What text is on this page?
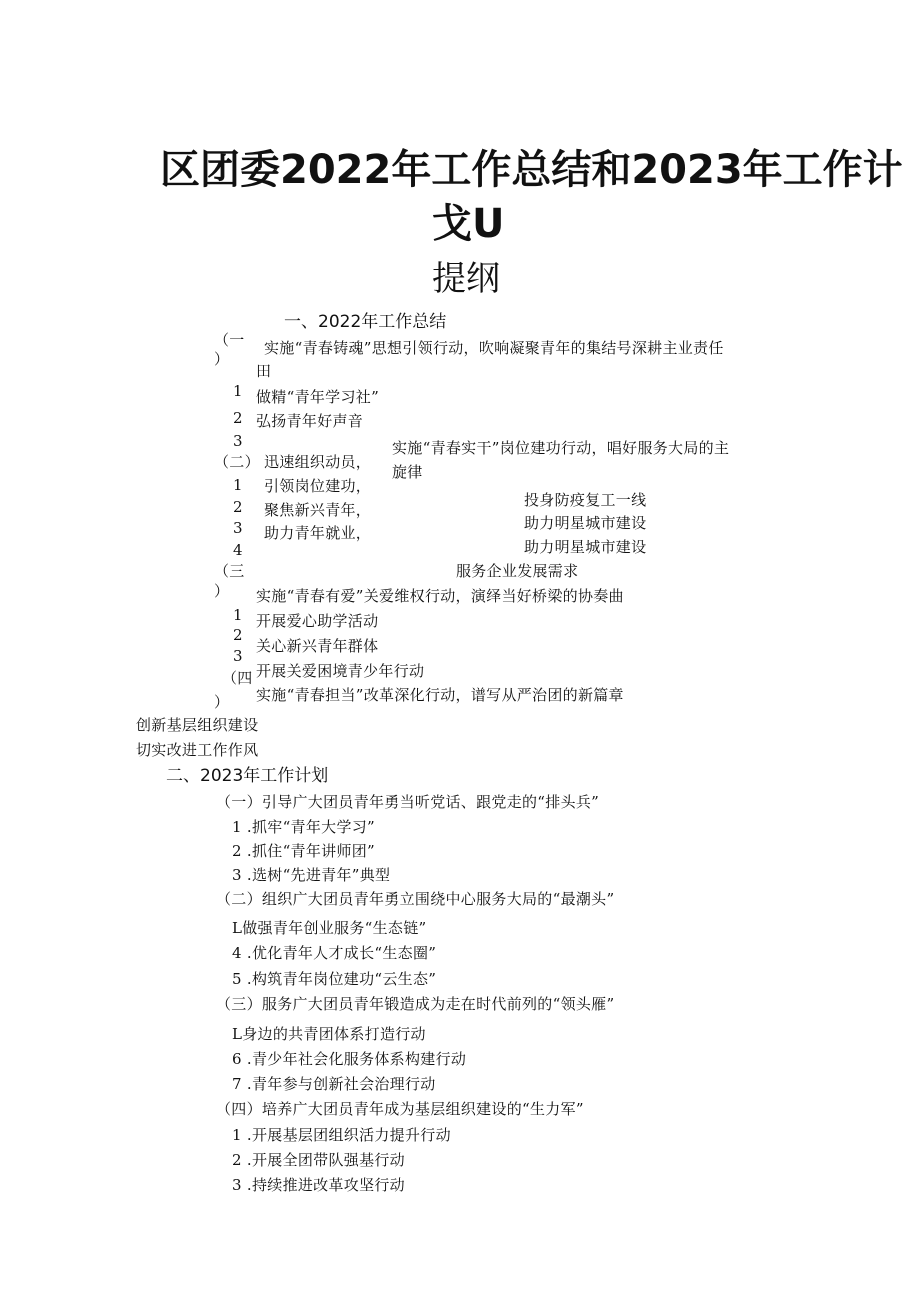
区团委2022年工作总结和2023年工作计
戈U
提纲
一、2022年工作总结
（一
）
实施“青春铸魂”思想引领行动，吹响凝聚青年的集结号深耕主业责任
田
1 做精“青年学习社”
2 弘扬青年好声音
3
（二）
实施“青春实干”岗位建功行动，唱好服务大局的主
旋律
迅速组织动员，
1 引领岗位建功，
2 聚焦新兴青年，
3 助力青年就业，
4
投身防疫复工一线
助力明星城市建设
助力明星城市建设
服务企业发展需求
（三
） 实施“青春有爱”关爱维权行动，演绎当好桥梁的协奏曲
1 开展爱心助学活动
2
关心新兴青年群体
3
开展关爱困境青少年行动
（四
） 实施“青春担当”改革深化行动，谱写从严治团的新篇章
创新基层组织建设
切实改进工作作风
二、2023年工作计划
（一）引导广大团员青年勇当听党话、跟党走的“排头兵”
1 .抓牢“青年大学习”
2 .抓住“青年讲师团”
3 .选树“先进青年”典型
（二）组织广大团员青年勇立围绕中心服务大局的“最潮头”
L做强青年创业服务“生态链”
4 .优化青年人才成长“生态圈”
5 .构筑青年岗位建功“云生态”
（三）服务广大团员青年锻造成为走在时代前列的“领头雁”
L身边的共青团体系打造行动
6 .青少年社会化服务体系构建行动
7 .青年参与创新社会治理行动
（四）培养广大团员青年成为基层组织建设的“生力军”
1 .开展基层团组织活力提升行动
2 .开展全团带队强基行动
3 .持续推进改革攻坚行动
